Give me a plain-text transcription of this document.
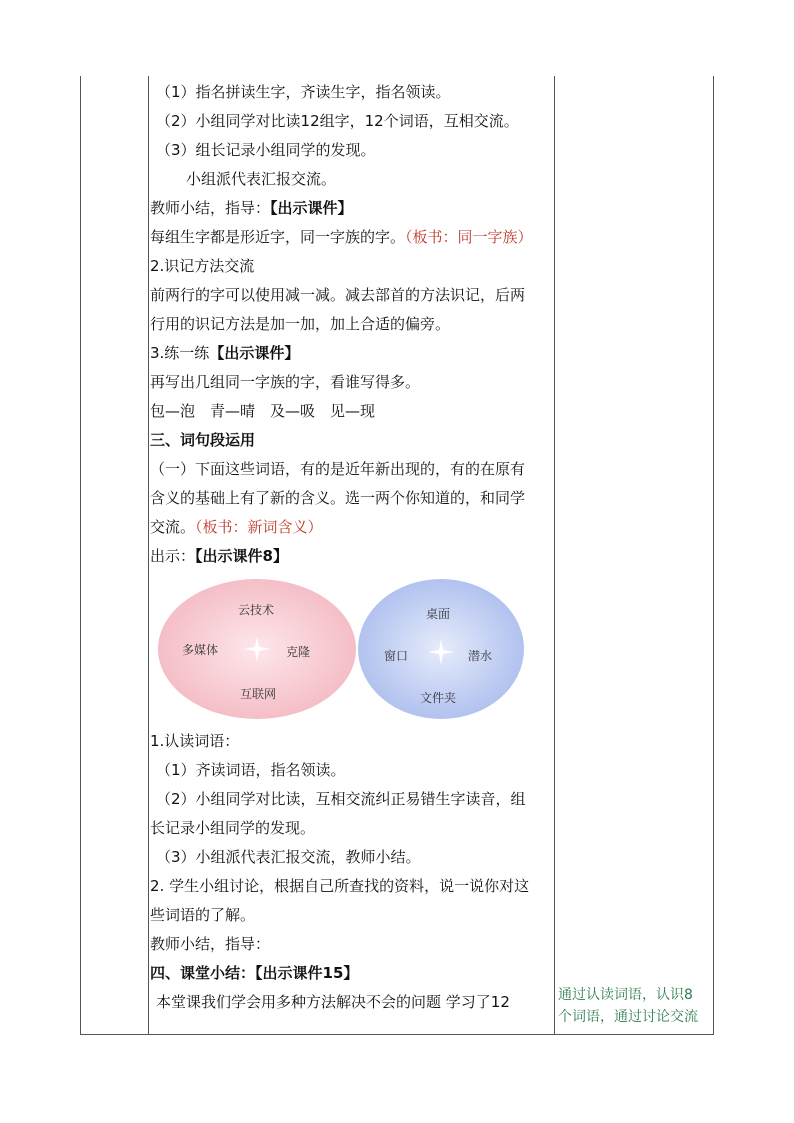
（1）指名拼读生字，齐读生字，指名领读。
（2）小组同学对比读12组字，12个词语，互相交流。
（3）组长记录小组同学的发现。
小组派代表汇报交流。
教师小结，指导：【出示课件】
每组生字都是形近字，同一字族的字。（板书：同一字族）
2.识记方法交流
前两行的字可以使用减一减。减去部首的方法识记，后两
行用的识记方法是加一加，加上合适的偏旁。
3.练一练【出示课件】
再写出几组同一字族的字，看谁写得多。
包—泡　青—晴　及—吸　见—现
三、词句段运用
（一）下面这些词语，有的是近年新出现的，有的在原有
含义的基础上有了新的含义。选一两个你知道的，和同学
交流。（板书：新词含义）
出示：【出示课件8】
云技术
多媒体	克隆
互联网
桌面
窗口	潜水
文件夹
1.认读词语：
（1）齐读词语，指名领读。
（2）小组同学对比读，互相交流纠正易错生字读音，组
长记录小组同学的发现。
（3）小组派代表汇报交流，教师小结。
2. 学生小组讨论，根据自己所查找的资料，说一说你对这
些词语的了解。
教师小结，指导：
四、课堂小结：【出示课件15】
本堂课我们学会用多种方法解决不会的问题 学习了12	通过认读词语，认识8
个词语，通过讨论交流
